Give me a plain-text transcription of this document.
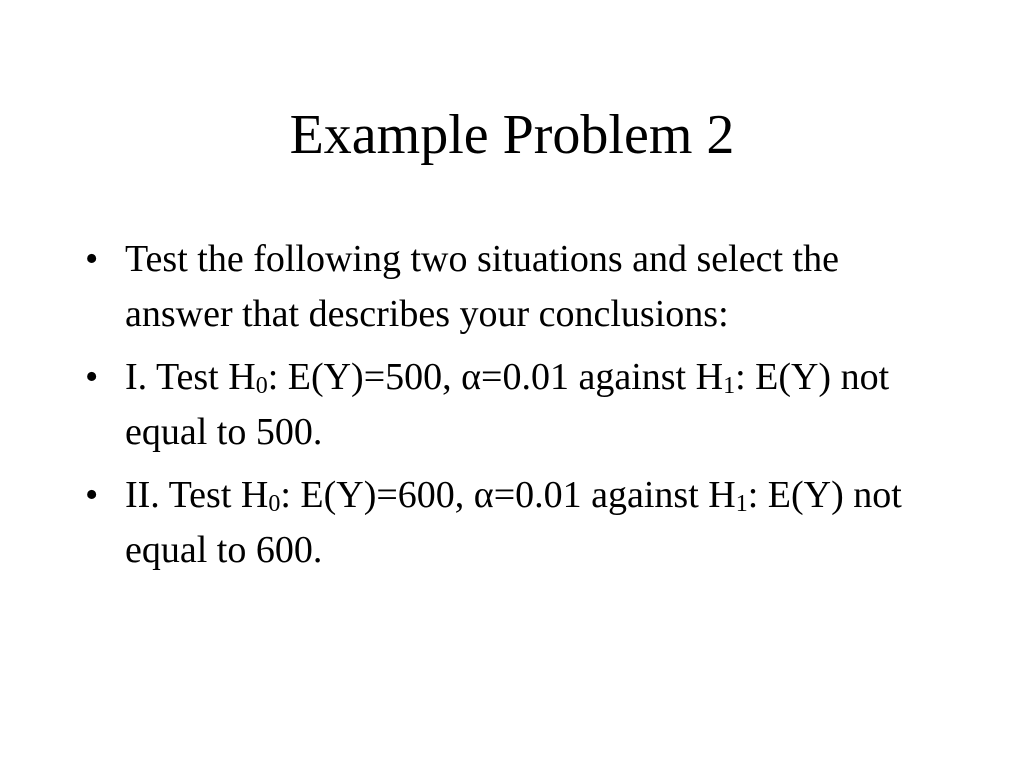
Example Problem 2
• Test the following two situations and select the answer that describes your conclusions:
• I. Test $H_0$: E(Y)=500, α=0.01 against $H_1$: E(Y) not equal to 500.
• II. Test $H_0$: E(Y)=600, α=0.01 against $H_1$: E(Y) not equal to 600.
